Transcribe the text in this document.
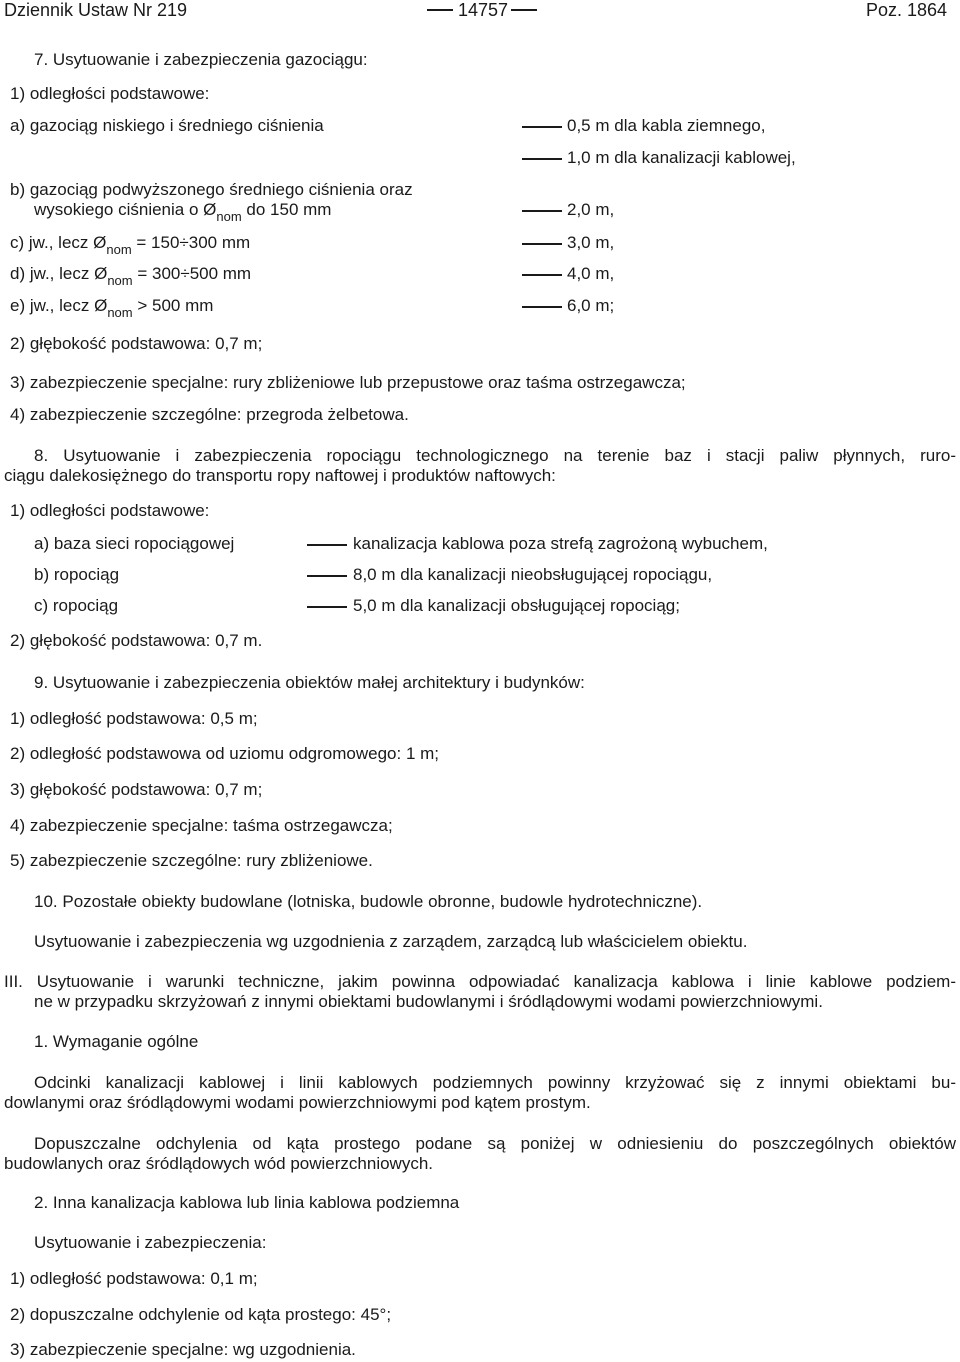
Dziennik Ustaw Nr 219	14757	Poz. 1864
7. Usytuowanie i zabezpieczenia gazociągu:
1) odległości podstawowe:
a) gazociąg niskiego i średniego ciśnienia	0,5 m dla kabla ziemnego,
1,0 m dla kanalizacji kablowej,
b) gazociąg podwyższonego średniego ciśnienia oraz
wysokiego ciśnienia o $Ø_{nom}$ do 150 mm	2,0 m,
c) jw., lecz $Ø_{nom} = 150\div 300$ mm	3,0 m,
d) jw., lecz $Ø_{nom} = 300\div 500$ mm	4,0 m,
e) jw., lecz $Ø_{nom} > 500$ mm	6,0 m;
2) głębokość podstawowa: 0,7 m;
3) zabezpieczenie specjalne: rury zbliżeniowe lub przepustowe oraz taśma ostrzegawcza;
4) zabezpieczenie szczególne: przegroda żelbetowa.
8. Usytuowanie i zabezpieczenia ropociągu technologicznego na terenie baz i stacji paliw płynnych, ruro-
ciągu dalekosiężnego do transportu ropy naftowej i produktów naftowych:
1) odległości podstawowe:
a) baza sieci ropociągowej	kanalizacja kablowa poza strefą zagrożoną wybuchem,
b) ropociąg	8,0 m dla kanalizacji nieobsługującej ropociągu,
c) ropociąg	5,0 m dla kanalizacji obsługującej ropociąg;
2) głębokość podstawowa: 0,7 m.
9. Usytuowanie i zabezpieczenia obiektów małej architektury i budynków:
1) odległość podstawowa: 0,5 m;
2) odległość podstawowa od uziomu odgromowego: 1 m;
3) głębokość podstawowa: 0,7 m;
4) zabezpieczenie specjalne: taśma ostrzegawcza;
5) zabezpieczenie szczególne: rury zbliżeniowe.
10. Pozostałe obiekty budowlane (lotniska, budowle obronne, budowle hydrotechniczne).
Usytuowanie i zabezpieczenia wg uzgodnienia z zarządem, zarządcą lub właścicielem obiektu.
III. Usytuowanie i warunki techniczne, jakim powinna odpowiadać kanalizacja kablowa i linie kablowe podziem-
ne w przypadku skrzyżowań z innymi obiektami budowlanymi i śródlądowymi wodami powierzchniowymi.
1. Wymaganie ogólne
Odcinki kanalizacji kablowej i linii kablowych podziemnych powinny krzyżować się z innymi obiektami bu-
dowlanymi oraz śródlądowymi wodami powierzchniowymi pod kątem prostym.
Dopuszczalne odchylenia od kąta prostego podane są poniżej w odniesieniu do poszczególnych obiektów
budowlanych oraz śródlądowych wód powierzchniowych.
2. Inna kanalizacja kablowa lub linia kablowa podziemna
Usytuowanie i zabezpieczenia:
1) odległość podstawowa: 0,1 m;
2) dopuszczalne odchylenie od kąta prostego: 45°;
3) zabezpieczenie specjalne: wg uzgodnienia.
